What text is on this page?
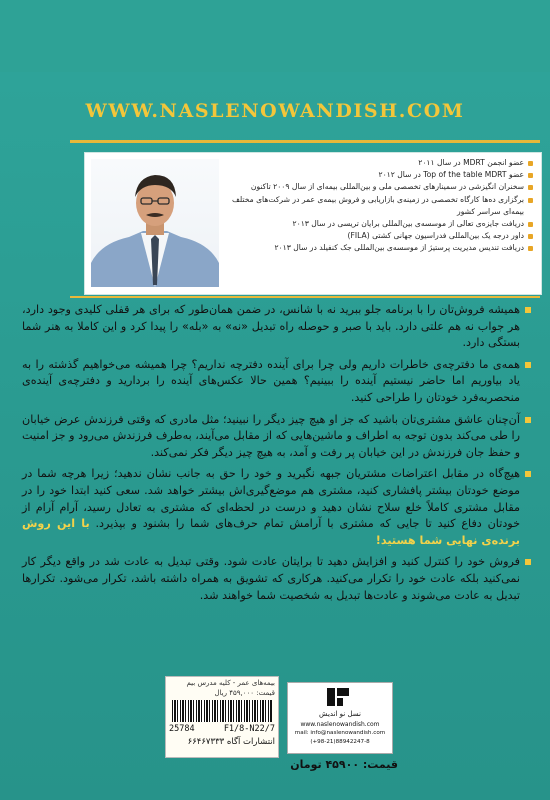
WWW.NASLENOWANDISH.COM
عضو انجمن MDRT در سال ۲۰۱۱
عضو Top of the table MDRT در سال ۲۰۱۲
سخنران انگیزشی در سمینارهای تخصصی ملی و بین‌المللی بیمه‌ای از سال ۲۰۰۹ تاکنون
برگزاری ده‌ها کارگاه تخصصی در زمینه‌ی بازاریابی و فروش بیمه‌ی عمر در شرکت‌های مختلف بیمه‌ای سراسر کشور
دریافت جایزه‌ی تعالی از موسسه‌ی بین‌المللی برایان تریسی در سال ۲۰۱۳
داور درجه یک بین‌المللی فدراسیون جهانی کشتی (FILA)
دریافت تندیس مدیریت پرستیژ از موسسه‌ی بین‌المللی جک کنفیلد در سال ۲۰۱۳
همیشه فروش‌تان را با برنامه جلو ببرید نه با شانس، در ضمن همان‌طور که برای هر قفلی کلیدی وجود دارد، هر جواب نه هم علتی دارد. باید با صبر و حوصله راه تبدیل «نه» به «بله» را پیدا کرد و این کاملا به هنر شما بستگی دارد.
همه‌ی ما دفترچه‌ی خاطرات داریم ولی چرا برای آینده دفترچه نداریم؟ چرا همیشه می‌خواهیم گذشته را به یاد بیاوریم اما حاضر نیستیم آینده را ببینیم؟ همین حالا عکس‌های آینده را بردارید و دفترچه‌ی آینده‌ی منحصربه‌فرد خودتان را طراحی کنید.
آن‌چنان عاشق مشتری‌تان باشید که جز او هیچ چیز دیگر را نبینید؛ مثل مادری که وقتی فرزندش عرض خیابان را طی می‌کند بدون توجه به اطراف و ماشین‌هایی که از مقابل می‌آیند، به‌طرف فرزندش می‌رود و جز امنیت و حفظ جان فرزندش در این خیابان پر رفت و آمد، به هیچ چیز دیگر فکر نمی‌کند.
هیچ‌گاه در مقابل اعتراضات مشتریان جبهه نگیرید و خود را حق به جانب نشان ندهید؛ زیرا هرچه شما در موضع خودتان بیشتر پافشاری کنید، مشتری هم موضع‌گیری‌اش بیشتر خواهد شد. سعی کنید ابتدا خود را در مقابل مشتری کاملاً خلع سلاح نشان دهید و درست در لحظه‌ای که مشتری به تعادل رسید، آرام آرام از خودتان دفاع کنید تا جایی که مشتری با آرامش تمام حرف‌های شما را بشنود و بپذیرد. با این روش برنده‌ی نهایی شما هستید!
فروش خود را کنترل کنید و افزایش دهید تا برایتان عادت شود. وقتی تبدیل به عادت شد در واقع دیگر کار نمی‌کنید بلکه عادت خود را تکرار می‌کنید. هرکاری که تشویق به همراه داشته باشد، تکرار می‌شود. تکرارها تبدیل به عادت می‌شوند و عادت‌ها تبدیل به شخصیت شما خواهند شد.
بیمه‌های عمر - کلیه مدرس بیم
قیمت: ۴۵۹,۰۰۰ ریال
25784	F1/8-N22/7
انتشارات آگاه ۶۶۴۶۷۳۳۳
نسل نو اندیش
www.naslenowandish.com
mail: info@naslenowandish.com
(+98-21)88942247-8
قیمت: ۴۵۹۰۰ تومان
